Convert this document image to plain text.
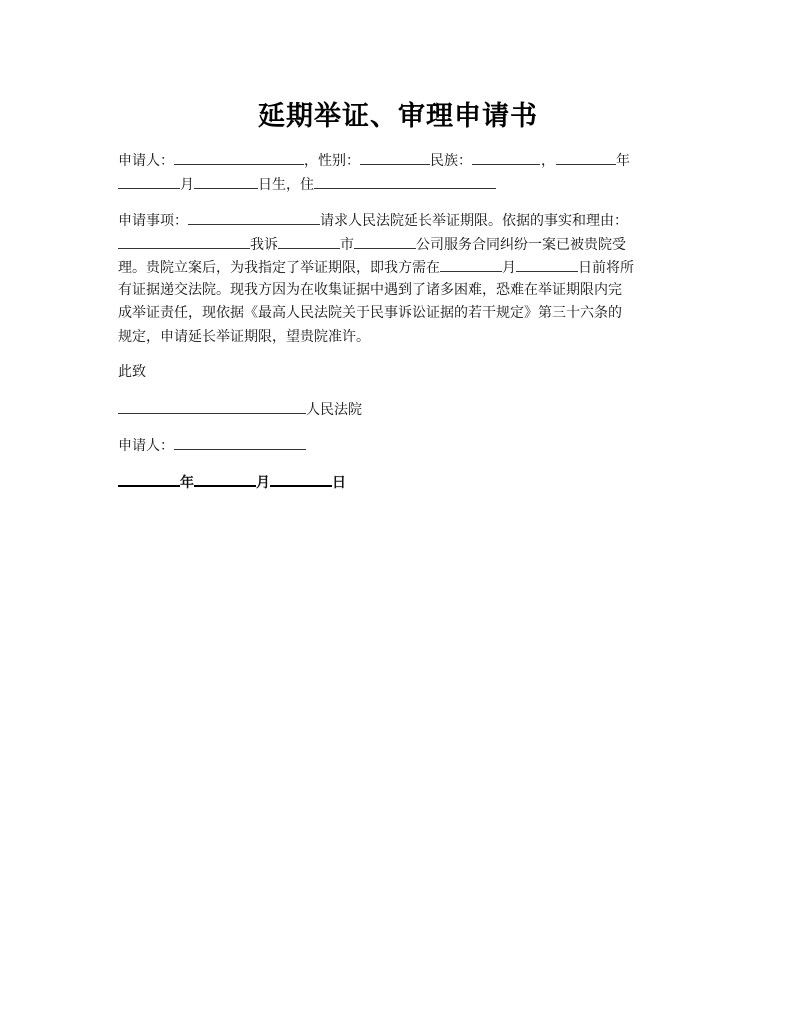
延期举证、审理申请书
申请人：	，性别：	民族：	，	年
月	日生，住
申请事项：	请求人民法院延长举证期限。依据的事实和理由：
我诉	市	公司服务合同纠纷一案已被贵院受
理。贵院立案后，为我指定了举证期限，即我方需在	月	日前将所
有证据递交法院。现我方因为在收集证据中遇到了诸多困难，恐难在举证期限内完
成举证责任，现依据《最高人民法院关于民事诉讼证据的若干规定》第三十六条的
规定，申请延长举证期限，望贵院准许。
此致
人民法院
申请人：
年	月	日
